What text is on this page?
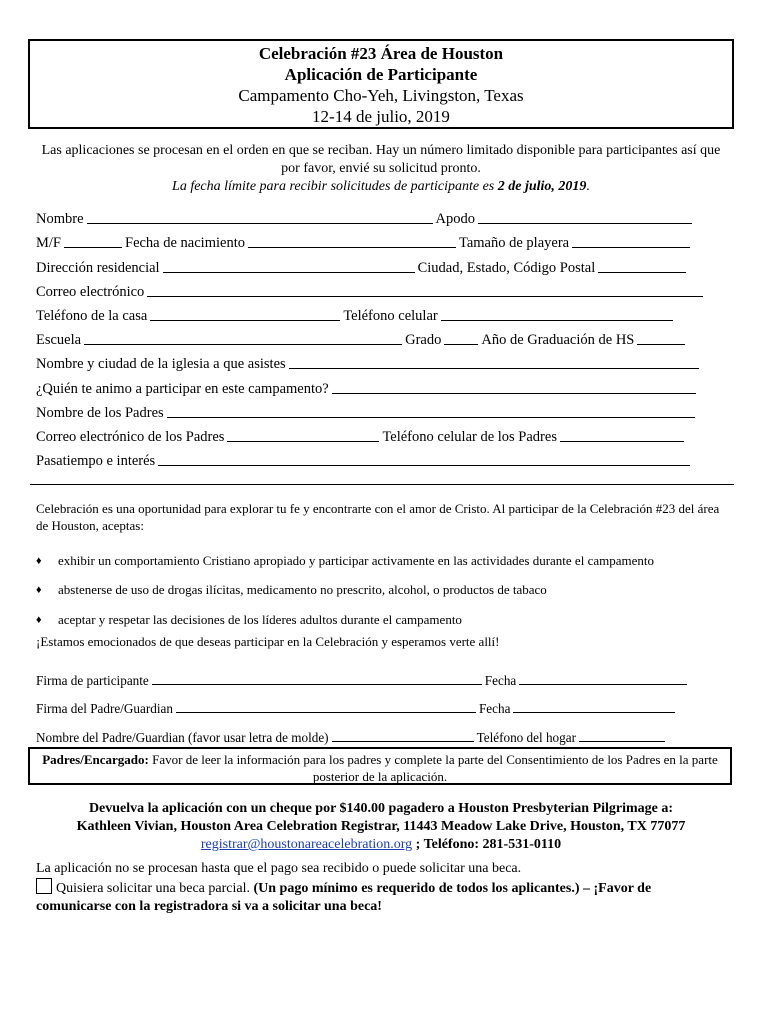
Celebración #23 Área de Houston
Aplicación de Participante
Campamento Cho-Yeh, Livingston, Texas
12-14 de julio, 2019
Las aplicaciones se procesan en el orden en que se reciban. Hay un número limitado disponible para participantes así que por favor, envié su solicitud pronto.
La fecha límite para recibir solicitudes de participante es 2 de julio, 2019.
Nombre	Apodo
M/F	Fecha de nacimiento	Tamaño de playera
Dirección residencial	Ciudad, Estado, Código Postal
Correo electrónico
Teléfono de la casa	Teléfono celular
Escuela	Grado	Año de Graduación de HS
Nombre y ciudad de la iglesia a que asistes
¿Quién te animo a participar en este campamento?
Nombre de los Padres
Correo electrónico de los Padres	Teléfono celular de los Padres
Pasatiempo e interés
Celebración es una oportunidad para explorar tu fe y encontrarte con el amor de Cristo. Al participar de la Celebración #23 del área de Houston, aceptas:
♦	exhibir un comportamiento Cristiano apropiado y participar activamente en las actividades durante el campamento
♦	abstenerse de uso de drogas ilícitas, medicamento no prescrito, alcohol, o productos de tabaco
♦	aceptar y respetar las decisiones de los líderes adultos durante el campamento
¡Estamos emocionados de que deseas participar en la Celebración y esperamos verte allí!
Firma de participante	Fecha
Firma del Padre/Guardian	Fecha
Nombre del Padre/Guardian (favor usar letra de molde)	Teléfono del hogar
Padres/Encargado: Favor de leer la información para los padres y complete la parte del Consentimiento de los Padres en la parte posterior de la aplicación.
Devuelva la aplicación con un cheque por $140.00 pagadero a Houston Presbyterian Pilgrimage a:
Kathleen Vivian, Houston Area Celebration Registrar, 11443 Meadow Lake Drive, Houston, TX 77077
registrar@houstonareacelebration.org ; Teléfono: 281-531-0110
La aplicación no se procesan hasta que el pago sea recibido o puede solicitar una beca.
Quisiera solicitar una beca parcial. (Un pago mínimo es requerido de todos los aplicantes.) – ¡Favor de comunicarse con la registradora si va a solicitar una beca!
